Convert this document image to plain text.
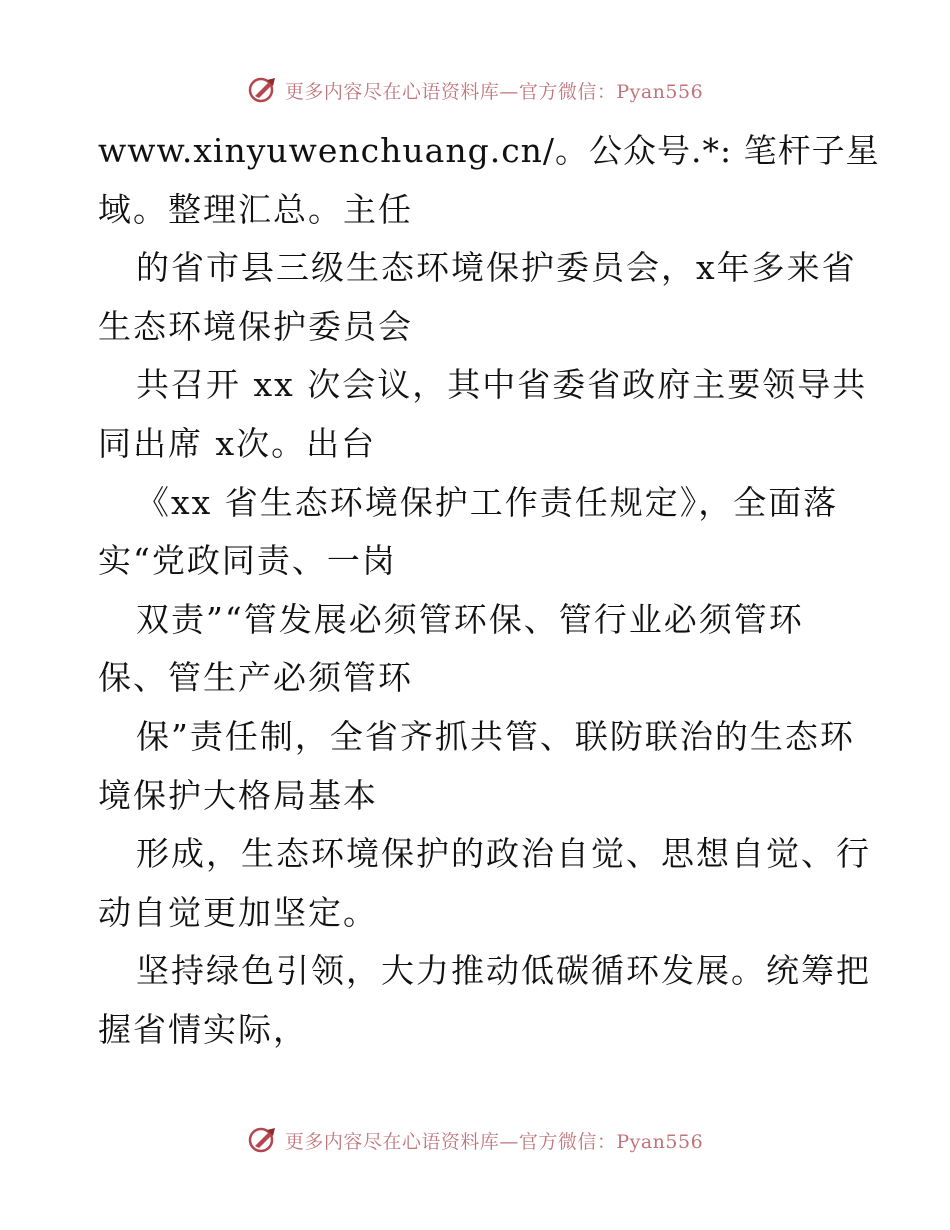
更多内容尽在心语资料库—官方微信：Pyan556
www.xinyuwenchuang.cn/。公众号.*: 笔杆子星
域。整理汇总。主任
的省市县三级生态环境保护委员会，x年多来省
生态环境保护委员会
共召开 xx 次会议，其中省委省政府主要领导共
同出席 x次。出台
《xx 省生态环境保护工作责任规定》，全面落
实“党政同责、一岗
双责”“管发展必须管环保、管行业必须管环
保、管生产必须管环
保”责任制，全省齐抓共管、联防联治的生态环
境保护大格局基本
形成，生态环境保护的政治自觉、思想自觉、行
动自觉更加坚定。
坚持绿色引领，大力推动低碳循环发展。统筹把
握省情实际，
更多内容尽在心语资料库—官方微信：Pyan556
